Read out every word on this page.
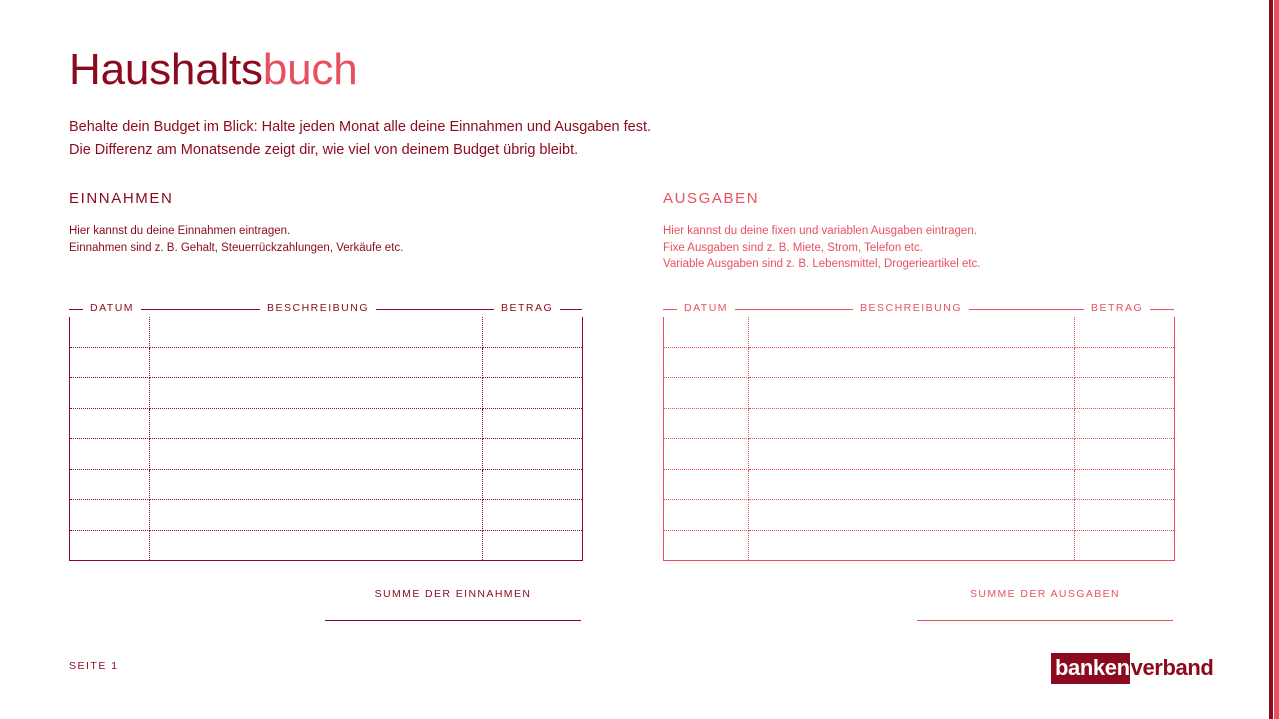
Haushaltsbuch
Behalte dein Budget im Blick: Halte jeden Monat alle deine Einnahmen und Ausgaben fest.
Die Differenz am Monatsende zeigt dir, wie viel von deinem Budget übrig bleibt.
EINNAHMEN
Hier kannst du deine Einnahmen eintragen.
Einnahmen sind z. B. Gehalt, Steuerrückzahlungen, Verkäufe etc.
DATUM	BESCHREIBUNG	BETRAG

SUMME DER EINNAHMEN
AUSGABEN
Hier kannst du deine fixen und variablen Ausgaben eintragen.
Fixe Ausgaben sind z. B. Miete, Strom, Telefon etc.
Variable Ausgaben sind z. B. Lebensmittel, Drogerieartikel etc.
DATUM	BESCHREIBUNG	BETRAG

SUMME DER AUSGABEN
SEITE 1	banken verband
